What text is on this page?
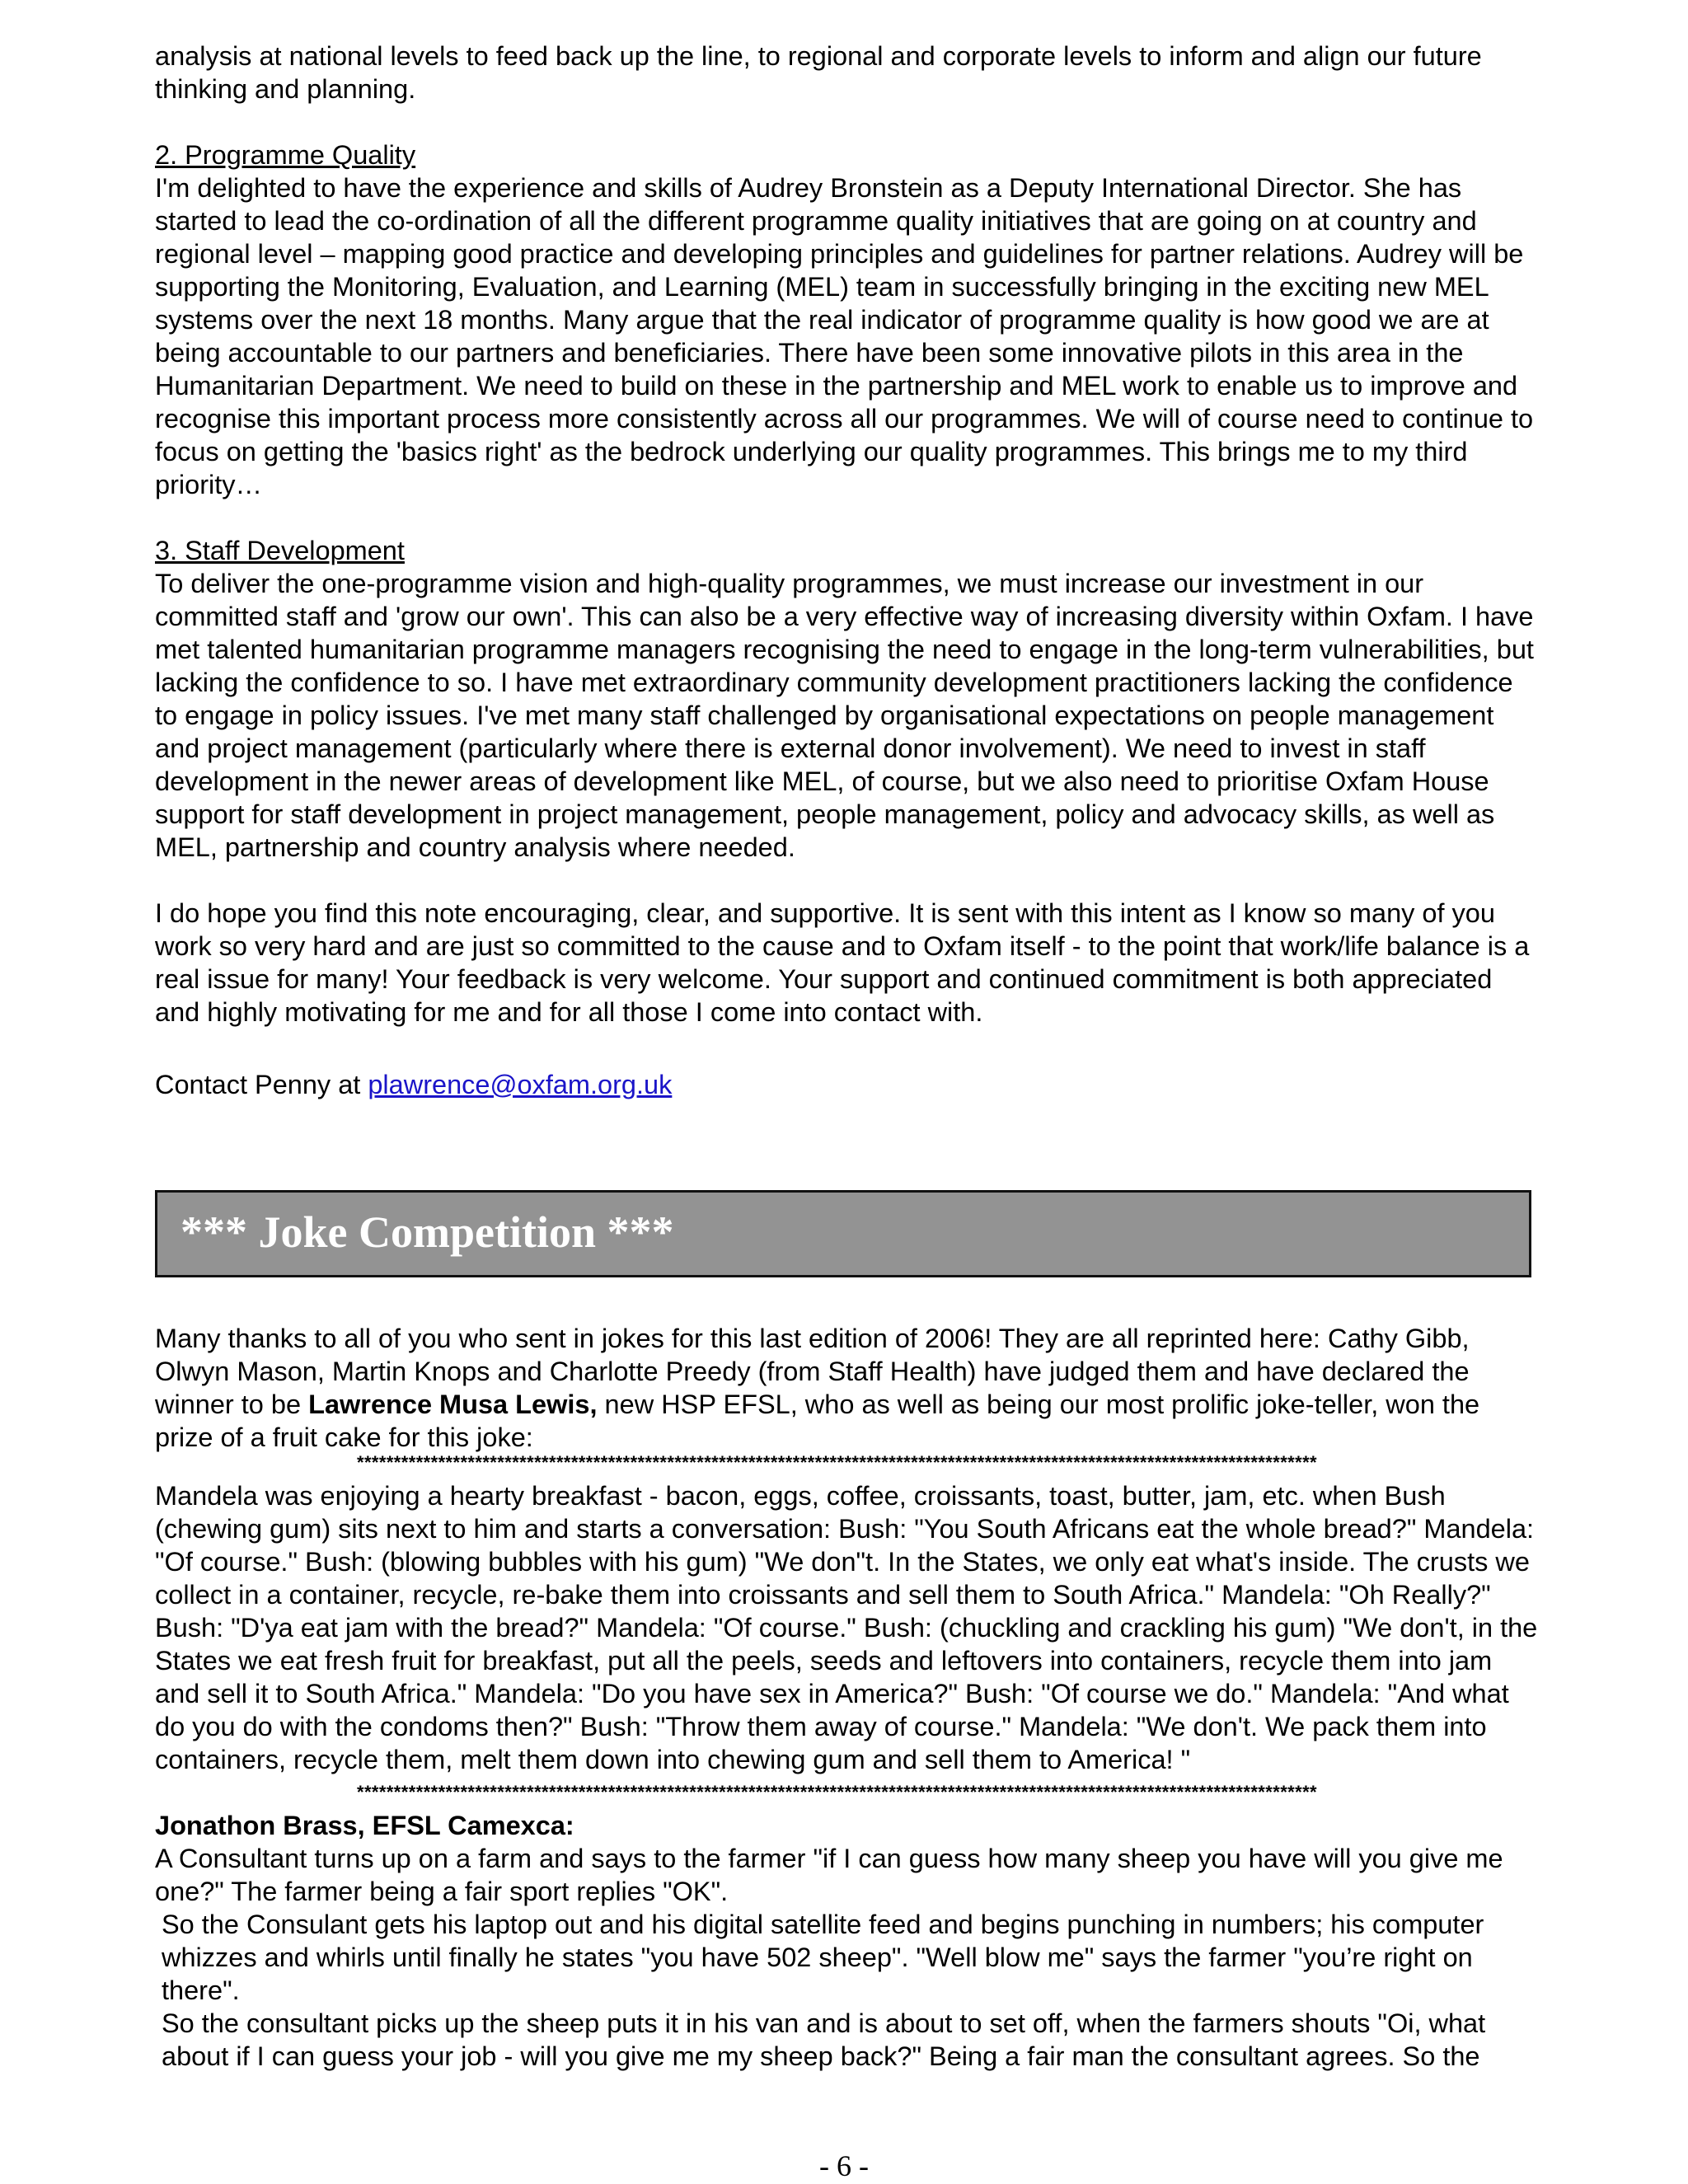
analysis at national levels to feed back up the line, to regional and corporate levels to inform and align our future thinking and planning.

2. Programme Quality

I'm delighted to have the experience and skills of Audrey Bronstein as a Deputy International Director. She has started to lead the co-ordination of all the different programme quality initiatives that are going on at country and regional level – mapping good practice and developing principles and guidelines for partner relations. Audrey will be supporting the Monitoring, Evaluation, and Learning (MEL) team in successfully bringing in the exciting new MEL systems over the next 18 months. Many argue that the real indicator of programme quality is how good we are at being accountable to our partners and beneficiaries. There have been some innovative pilots in this area in the Humanitarian Department. We need to build on these in the partnership and MEL work to enable us to improve and recognise this important process more consistently across all our programmes. We will of course need to continue to focus on getting the 'basics right' as the bedrock underlying our quality programmes. This brings me to my third priority…

3. Staff Development

To deliver the one-programme vision and high-quality programmes, we must increase our investment in our committed staff and 'grow our own'. This can also be a very effective way of increasing diversity within Oxfam. I have met talented humanitarian programme managers recognising the need to engage in the long-term vulnerabilities, but lacking the confidence to so. I have met extraordinary community development practitioners lacking the confidence to engage in policy issues. I've met many staff challenged by organisational expectations on people management and project management (particularly where there is external donor involvement). We need to invest in staff development in the newer areas of development like MEL, of course, but we also need to prioritise Oxfam House support for staff development in project management, people management, policy and advocacy skills, as well as MEL, partnership and country analysis where needed.

I do hope you find this note encouraging, clear, and supportive. It is sent with this intent as I know so many of you work so very hard and are just so committed to the cause and to Oxfam itself - to the point that work/life balance is a real issue for many! Your feedback is very welcome. Your support and continued commitment is both appreciated and highly motivating for me and for all those I come into contact with.

Contact Penny at plawrence@oxfam.org.uk

*** Joke Competition ***

Many thanks to all of you who sent in jokes for this last edition of 2006! They are all reprinted here: Cathy Gibb, Olwyn Mason, Martin Knops and Charlotte Preedy (from Staff Health) have judged them and have declared the winner to be Lawrence Musa Lewis, new HSP EFSL, who as well as being our most prolific joke-teller, won the prize of a fruit cake for this joke:

**********************************************************************************************************************************

Mandela was enjoying a hearty breakfast - bacon, eggs, coffee, croissants, toast, butter, jam, etc. when Bush (chewing gum) sits next to him and starts a conversation: Bush: "You South Africans eat the whole bread?" Mandela: "Of course." Bush: (blowing bubbles with his gum) "We don"t. In the States, we only eat what's inside. The crusts we collect in a container, recycle, re-bake them into croissants and sell them to South Africa." Mandela: "Oh Really?" Bush: "D'ya eat jam with the bread?" Mandela: "Of course." Bush: (chuckling and crackling his gum) "We don't, in the States we eat fresh fruit for breakfast, put all the peels, seeds and leftovers into containers, recycle them into jam and sell it to South Africa." Mandela: "Do you have sex in America?" Bush: "Of course we do." Mandela: "And what do you do with the condoms then?" Bush: "Throw them away of course." Mandela: "We don't. We pack them into containers, recycle them, melt them down into chewing gum and sell them to America! "

**********************************************************************************************************************************

Jonathon Brass, EFSL Camexca:

A Consultant turns up on a farm and says to the farmer "if I can guess how many sheep you have will you give me one?" The farmer being a fair sport replies "OK".

So the Consulant gets his laptop out and his digital satellite feed and begins punching in numbers; his computer whizzes and whirls until finally he states "you have 502 sheep". "Well blow me" says the farmer "you’re right on there".

So the consultant picks up the sheep puts it in his van and is about to set off, when the farmers shouts "Oi, what about if I can guess your job - will you give me my sheep back?" Being a fair man the consultant agrees. So the

- 6 -
